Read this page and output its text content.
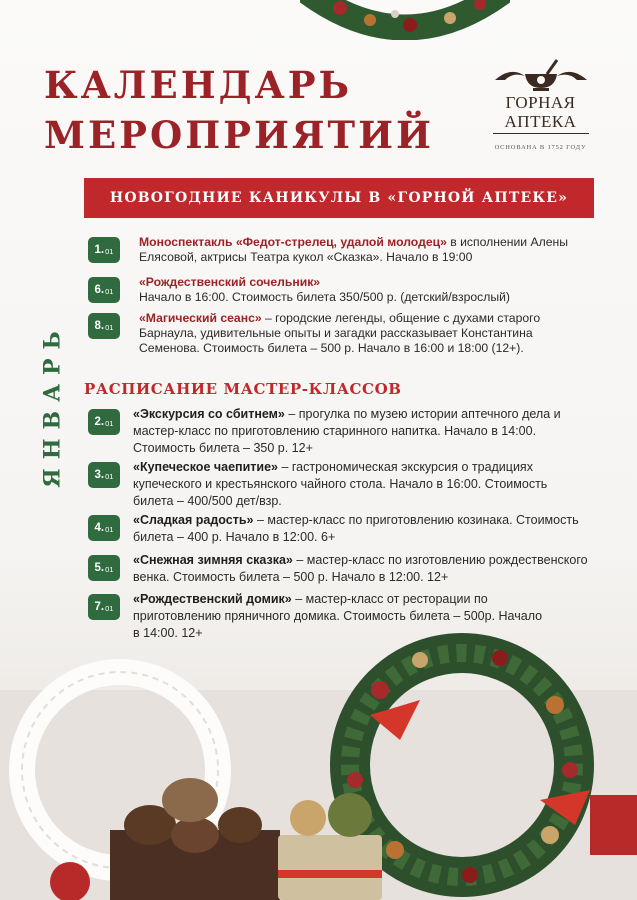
КАЛЕНДАРЬ
МЕРОПРИЯТИЙ
ГОРНАЯ
АПТЕКА
ОСНОВАНА В 1752 ГОДУ
НОВОГОДНИЕ КАНИКУЛЫ В «ГОРНОЙ АПТЕКЕ»
ЯНВАРЬ
1. 01
Моноспектакль «Федот-стрелец, удалой молодец» в исполнении Алены Елясовой, актрисы Театра кукол «Сказка». Начало в 19:00
6. 01
«Рождественский сочельник»
Начало в 16:00. Стоимость билета 350/500 р. (детский/взрослый)
8. 01
«Магический сеанс» – городские легенды, общение с духами старого Барнаула, удивительные опыты и загадки рассказывает Константина Семенова. Стоимость билета – 500 р. Начало в 16:00 и 18:00 (12+).
РАСПИСАНИЕ МАСТЕР-КЛАССОВ
2. 01
«Экскурсия со сбитнем» – прогулка по музею истории аптечного дела и мастер-класс по приготовлению старинного напитка. Начало в 14:00. Стоимость билета – 350 р. 12+
3. 01
«Купеческое чаепитие» – гастрономическая экскурсия о традициях купеческого и крестьянского чайного стола. Начало в 16:00. Стоимость билета – 400/500 дет/взр.
4. 01
«Сладкая радость» – мастер-класс по приготовлению козинака. Стоимость билета – 400 р. Начало в 12:00. 6+
5. 01
«Снежная зимняя сказка» – мастер-класс по изготовлению рождественского венка. Стоимость билета – 500 р. Начало в 12:00. 12+
7. 01
«Рождественский домик» – мастер-класс от ресторации по приготовлению пряничного домика. Стоимость билета – 500р. Начало в 14:00. 12+
